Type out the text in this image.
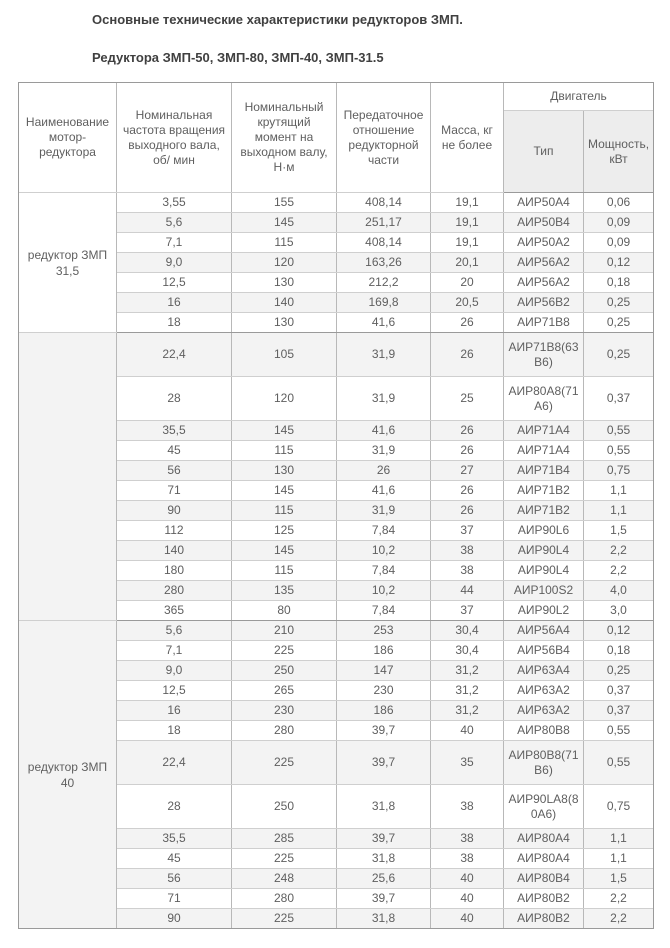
Основные технические характеристики редукторов ЗМП.

Редуктора ЗМП-50, ЗМП-80, ЗМП-40, ЗМП-31.5

Наименование мотор-редуктора	Номинальная частота вращения выходного вала, об/ мин	Номинальный крутящий момент на выходном валу, Н·м	Передаточное отношение редукторной части	Масса, кг не более	Двигатель	
					Тип	Мощность, кВт
редуктор ЗМП 31,5	3,55	155	408,14	19,1	АИР50А4	0,06
	5,6	145	251,17	19,1	АИР50В4	0,09
	7,1	115	408,14	19,1	АИР50А2	0,09
	9,0	120	163,26	20,1	АИР56А2	0,12
	12,5	130	212,2	20	АИР56А2	0,18
	16	140	169,8	20,5	АИР56В2	0,25
	18	130	41,6	26	АИР71В8	0,25
	22,4	105	31,9	26	АИР71В8(63В6)	0,25
	28	120	31,9	25	АИР80А8(71А6)	0,37
	35,5	145	41,6	26	АИР71А4	0,55
	45	115	31,9	26	АИР71А4	0,55
	56	130	26	27	АИР71В4	0,75
	71	145	41,6	26	АИР71В2	1,1
	90	115	31,9	26	АИР71В2	1,1
	112	125	7,84	37	АИР90L6	1,5
	140	145	10,2	38	АИР90L4	2,2
	180	115	7,84	38	АИР90L4	2,2
	280	135	10,2	44	АИР100S2	4,0
	365	80	7,84	37	АИР90L2	3,0
редуктор ЗМП 40	5,6	210	253	30,4	АИР56А4	0,12
	7,1	225	186	30,4	АИР56В4	0,18
	9,0	250	147	31,2	АИР63А4	0,25
	12,5	265	230	31,2	АИР63А2	0,37
	16	230	186	31,2	АИР63А2	0,37
	18	280	39,7	40	АИР80В8	0,55
	22,4	225	39,7	35	АИР80В8(71В6)	0,55
	28	250	31,8	38	АИР90LA8(80А6)	0,75
	35,5	285	39,7	38	АИР80А4	1,1
	45	225	31,8	38	АИР80А4	1,1
	56	248	25,6	40	АИР80В4	1,5
	71	280	39,7	40	АИР80В2	2,2
	90	225	31,8	40	АИР80В2	2,2
